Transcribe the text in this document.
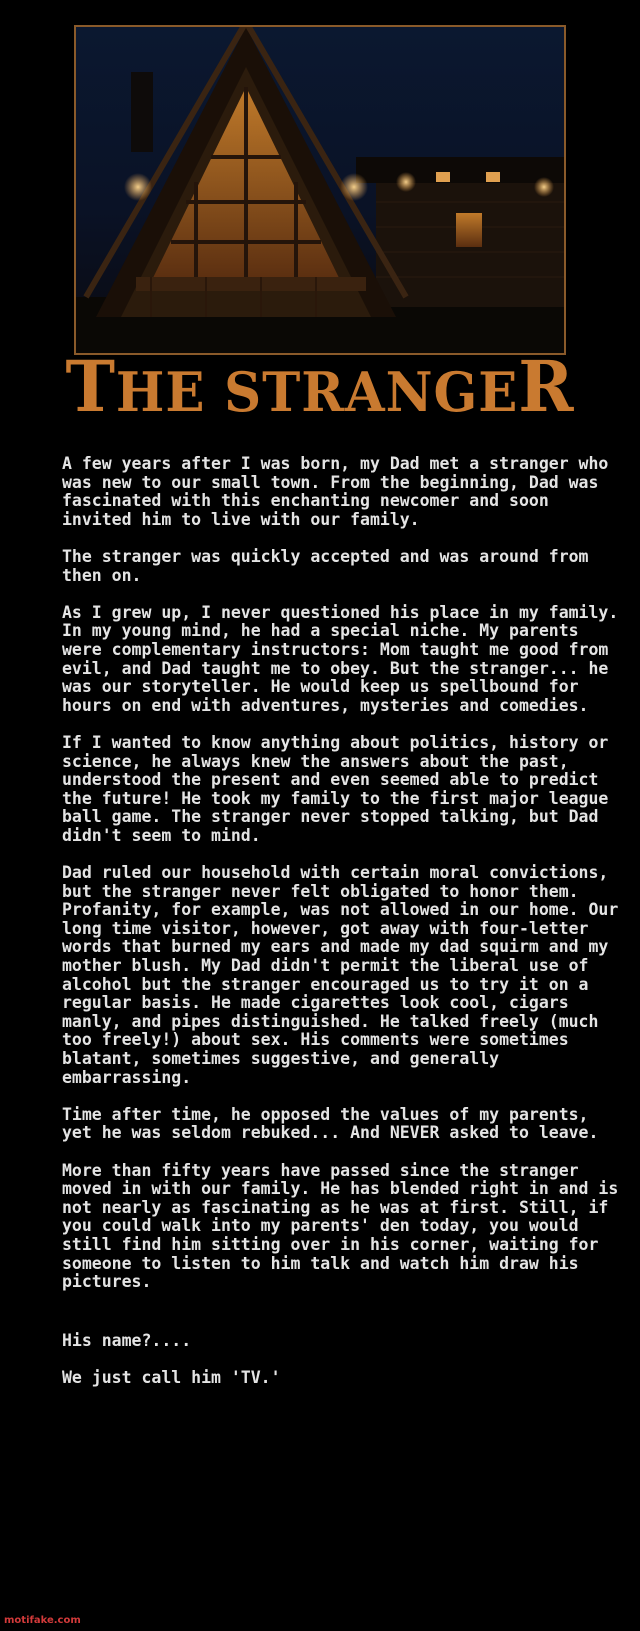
THE STRANGER

A few years after I was born, my Dad met a stranger who was new to our small town. From the beginning, Dad was fascinated with this enchanting newcomer and soon invited him to live with our family.

The stranger was quickly accepted and was around from then on.

As I grew up, I never questioned his place in my family. In my young mind, he had a special niche. My parents were complementary instructors: Mom taught me good from evil, and Dad taught me to obey. But the stranger... he was our storyteller. He would keep us spellbound for hours on end with adventures, mysteries and comedies.

If I wanted to know anything about politics, history or science, he always knew the answers about the past, understood the present and even seemed able to predict the future! He took my family to the first major league ball game. The stranger never stopped talking, but Dad didn't seem to mind.

Dad ruled our household with certain moral convictions, but the stranger never felt obligated to honor them. Profanity, for example, was not allowed in our home. Our long time visitor, however, got away with four-letter words that burned my ears and made my dad squirm and my mother blush. My Dad didn't permit the liberal use of alcohol but the stranger encouraged us to try it on a regular basis. He made cigarettes look cool, cigars manly, and pipes distinguished. He talked freely (much too freely!) about sex. His comments were sometimes blatant, sometimes suggestive, and generally embarrassing.

Time after time, he opposed the values of my parents, yet he was seldom rebuked... And NEVER asked to leave.

More than fifty years have passed since the stranger moved in with our family. He has blended right in and is not nearly as fascinating as he was at first. Still, if you could walk into my parents' den today, you would still find him sitting over in his corner, waiting for someone to listen to him talk and watch him draw his pictures.

His name?....

We just call him 'TV.'

motifake.com
